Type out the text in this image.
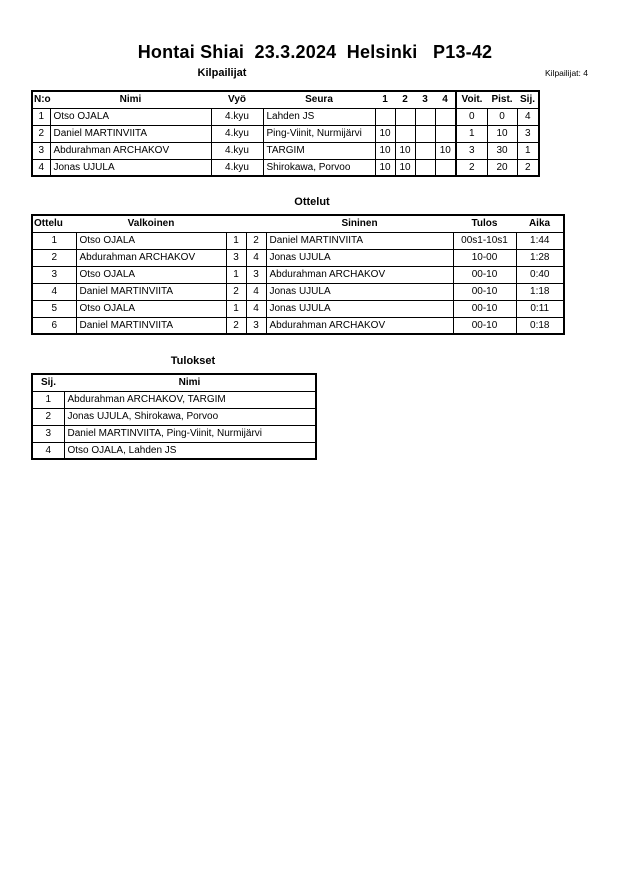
Hontai Shiai  23.3.2024  Helsinki   P13-42
Kilpailijat	Kilpailijat: 4
N:o	Nimi	Vyö	Seura	1	2	3	4	Voit.	Pist.	Sij.
1	Otso OJALA	4.kyu	Lahden JS					0	0	4
2	Daniel MARTINVIITA	4.kyu	Ping-Viinit, Nurmijärvi	10				1	10	3
3	Abdurahman ARCHAKOV	4.kyu	TARGIM	10	10		10	3	30	1
4	Jonas UJULA	4.kyu	Shirokawa, Porvoo	10	10			2	20	2
Ottelut
Ottelu	Valkoinen			Sininen	Tulos	Aika
1	Otso OJALA	1	2	Daniel MARTINVIITA	00s1-10s1	1:44
2	Abdurahman ARCHAKOV	3	4	Jonas UJULA	10-00	1:28
3	Otso OJALA	1	3	Abdurahman ARCHAKOV	00-10	0:40
4	Daniel MARTINVIITA	2	4	Jonas UJULA	00-10	1:18
5	Otso OJALA	1	4	Jonas UJULA	00-10	0:11
6	Daniel MARTINVIITA	2	3	Abdurahman ARCHAKOV	00-10	0:18
Tulokset
Sij.	Nimi
1	Abdurahman ARCHAKOV, TARGIM
2	Jonas UJULA, Shirokawa, Porvoo
3	Daniel MARTINVIITA, Ping-Viinit, Nurmijärvi
4	Otso OJALA, Lahden JS
